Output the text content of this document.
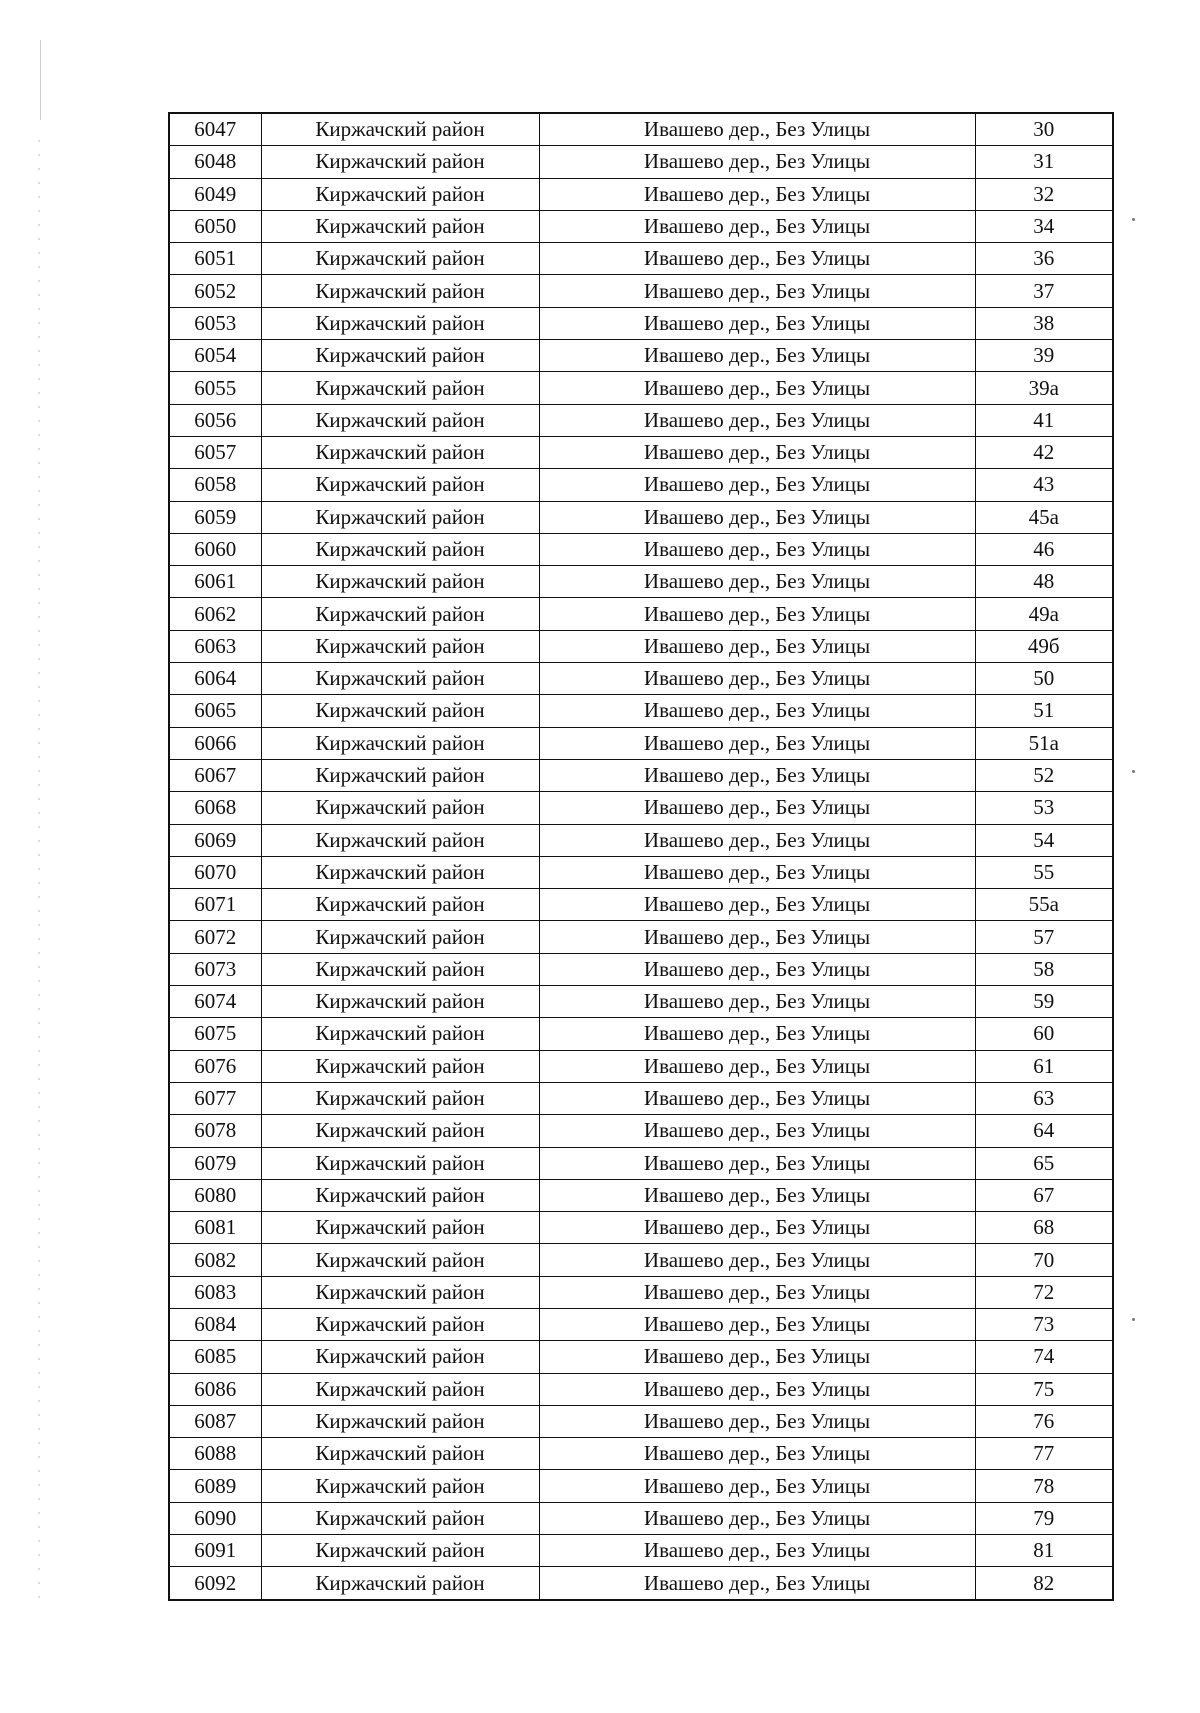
6047	Киржачский район	Ивашево дер., Без Улицы	30
6048	Киржачский район	Ивашево дер., Без Улицы	31
6049	Киржачский район	Ивашево дер., Без Улицы	32
6050	Киржачский район	Ивашево дер., Без Улицы	34
6051	Киржачский район	Ивашево дер., Без Улицы	36
6052	Киржачский район	Ивашево дер., Без Улицы	37
6053	Киржачский район	Ивашево дер., Без Улицы	38
6054	Киржачский район	Ивашево дер., Без Улицы	39
6055	Киржачский район	Ивашево дер., Без Улицы	39а
6056	Киржачский район	Ивашево дер., Без Улицы	41
6057	Киржачский район	Ивашево дер., Без Улицы	42
6058	Киржачский район	Ивашево дер., Без Улицы	43
6059	Киржачский район	Ивашево дер., Без Улицы	45а
6060	Киржачский район	Ивашево дер., Без Улицы	46
6061	Киржачский район	Ивашево дер., Без Улицы	48
6062	Киржачский район	Ивашево дер., Без Улицы	49а
6063	Киржачский район	Ивашево дер., Без Улицы	49б
6064	Киржачский район	Ивашево дер., Без Улицы	50
6065	Киржачский район	Ивашево дер., Без Улицы	51
6066	Киржачский район	Ивашево дер., Без Улицы	51а
6067	Киржачский район	Ивашево дер., Без Улицы	52
6068	Киржачский район	Ивашево дер., Без Улицы	53
6069	Киржачский район	Ивашево дер., Без Улицы	54
6070	Киржачский район	Ивашево дер., Без Улицы	55
6071	Киржачский район	Ивашево дер., Без Улицы	55а
6072	Киржачский район	Ивашево дер., Без Улицы	57
6073	Киржачский район	Ивашево дер., Без Улицы	58
6074	Киржачский район	Ивашево дер., Без Улицы	59
6075	Киржачский район	Ивашево дер., Без Улицы	60
6076	Киржачский район	Ивашево дер., Без Улицы	61
6077	Киржачский район	Ивашево дер., Без Улицы	63
6078	Киржачский район	Ивашево дер., Без Улицы	64
6079	Киржачский район	Ивашево дер., Без Улицы	65
6080	Киржачский район	Ивашево дер., Без Улицы	67
6081	Киржачский район	Ивашево дер., Без Улицы	68
6082	Киржачский район	Ивашево дер., Без Улицы	70
6083	Киржачский район	Ивашево дер., Без Улицы	72
6084	Киржачский район	Ивашево дер., Без Улицы	73
6085	Киржачский район	Ивашево дер., Без Улицы	74
6086	Киржачский район	Ивашево дер., Без Улицы	75
6087	Киржачский район	Ивашево дер., Без Улицы	76
6088	Киржачский район	Ивашево дер., Без Улицы	77
6089	Киржачский район	Ивашево дер., Без Улицы	78
6090	Киржачский район	Ивашево дер., Без Улицы	79
6091	Киржачский район	Ивашево дер., Без Улицы	81
6092	Киржачский район	Ивашево дер., Без Улицы	82
